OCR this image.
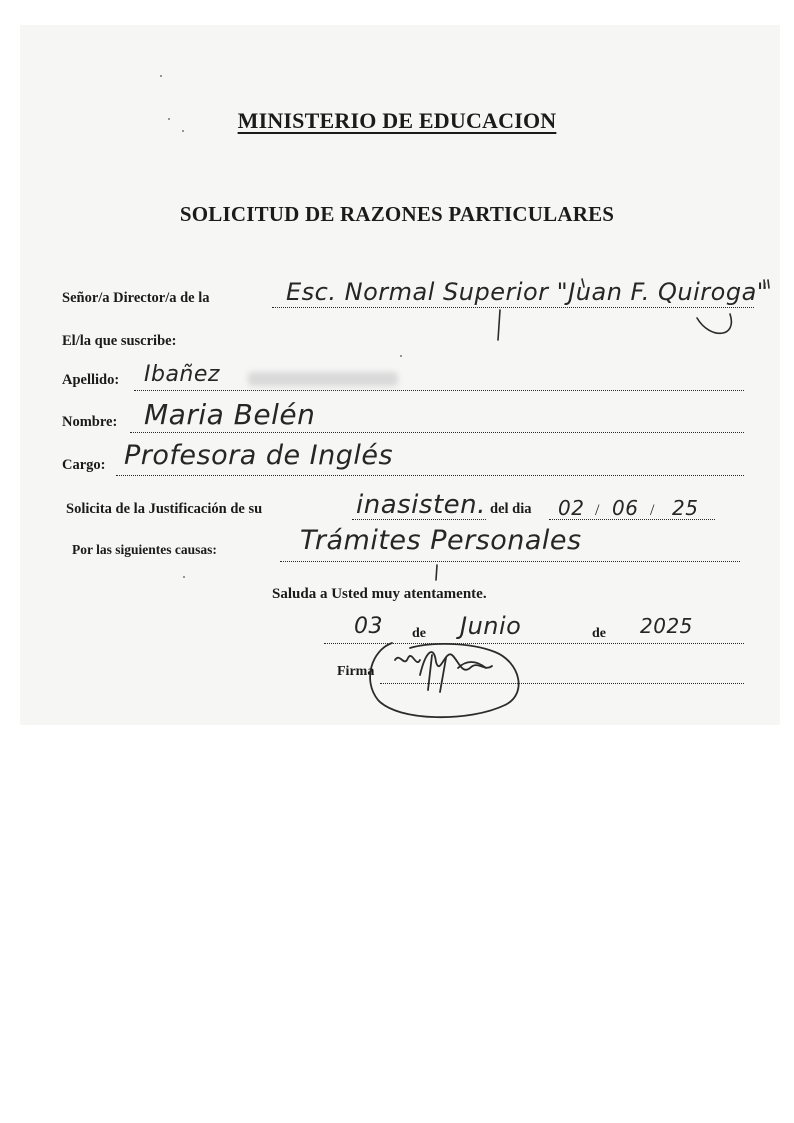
MINISTERIO DE EDUCACION
SOLICITUD DE RAZONES PARTICULARES
Señor/a Director/a de la	Esc. Normal Superior "Juan F. Quiroga"
El/la que suscribe:
Apellido: Ibañez
Nombre: Maria Belén
Cargo: Profesora de Inglés
Solicita de la Justificación de su	inasisten. del dia 02 / 06 / 25
Por las siguientes causas:	Trámites Personales
Saluda a Usted muy atentamente.
03 de Junio	de 2025
Firma
